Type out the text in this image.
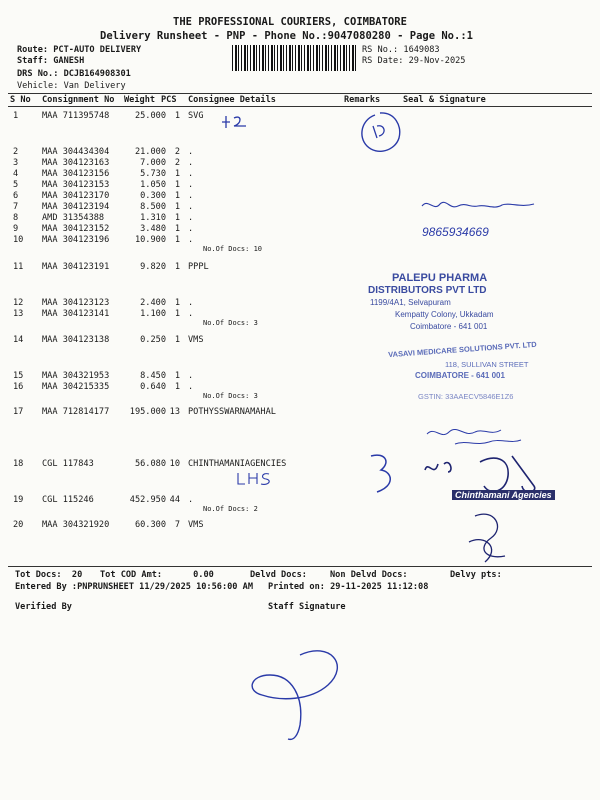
THE PROFESSIONAL COURIERS, COIMBATORE
Delivery Runsheet - PNP - Phone No.:9047080280 - Page No.:1
Route: PCT-AUTO DELIVERY
Staff: GANESH
DRS No.: DCJB164908301
Vehicle: Van Delivery
RS No.: 1649083
RS Date: 29-Nov-2025
S No Consignment No Weight PCS Consignee Details	Remarks	Seal & Signature
1	MAA 711395748	25.000 1 SVG
2	MAA 304434304	21.000 2 .
3	MAA 304123163	7.000 2 .
4	MAA 304123156	5.730 1 .
5	MAA 304123153	1.050 1 .
6	MAA 304123170	0.300 1 .
7	MAA 304123194	8.500 1 .
8	AMD 31354388	1.310 1 .
9	MAA 304123152	3.480 1 .
10 MAA 304123196	10.900 1 .
11 MAA 304123191	9.820 1 PPPL
12 MAA 304123123	2.400 1 .
13 MAA 304123141	1.100 1 .
14 MAA 304123138	0.250 1 VMS
15 MAA 304321953	8.450 1 .
16 MAA 304215335	0.640 1 .
17 MAA 712814177 195.000 13 POTHYSSWARNAMAHAL
18 CGL 117843	56.080 10 CHINTHAMANIAGENCIES
19 CGL 115246	452.950 44 .
20 MAA 304321920	60.300 7 VMS
No.Of Docs: 10
No.Of Docs: 3
No.Of Docs: 3
No.Of Docs: 2
Tot Docs:  20 Tot COD Amt:      0.00	Delvd Docs:	Non Delvd Docs:	Delvy pts:
Entered By :PNPRUNSHEET 11/29/2025 10:56:00 AM Printed on: 29-11-2025 11:12:08
Verified By	Staff Signature
9865934669
PALEPU PHARMA
DISTRIBUTORS PVT LTD
1199/4A1, Selvapuram
Kempatty Colony, Ukkadam
Coimbatore - 641 001
VASAVI MEDICARE SOLUTIONS PVT. LTD
118, SULLIVAN STREET
COIMBATORE - 641 001
GSTIN: 33AAECV5846E1Z6
Chinthamani Agencies
